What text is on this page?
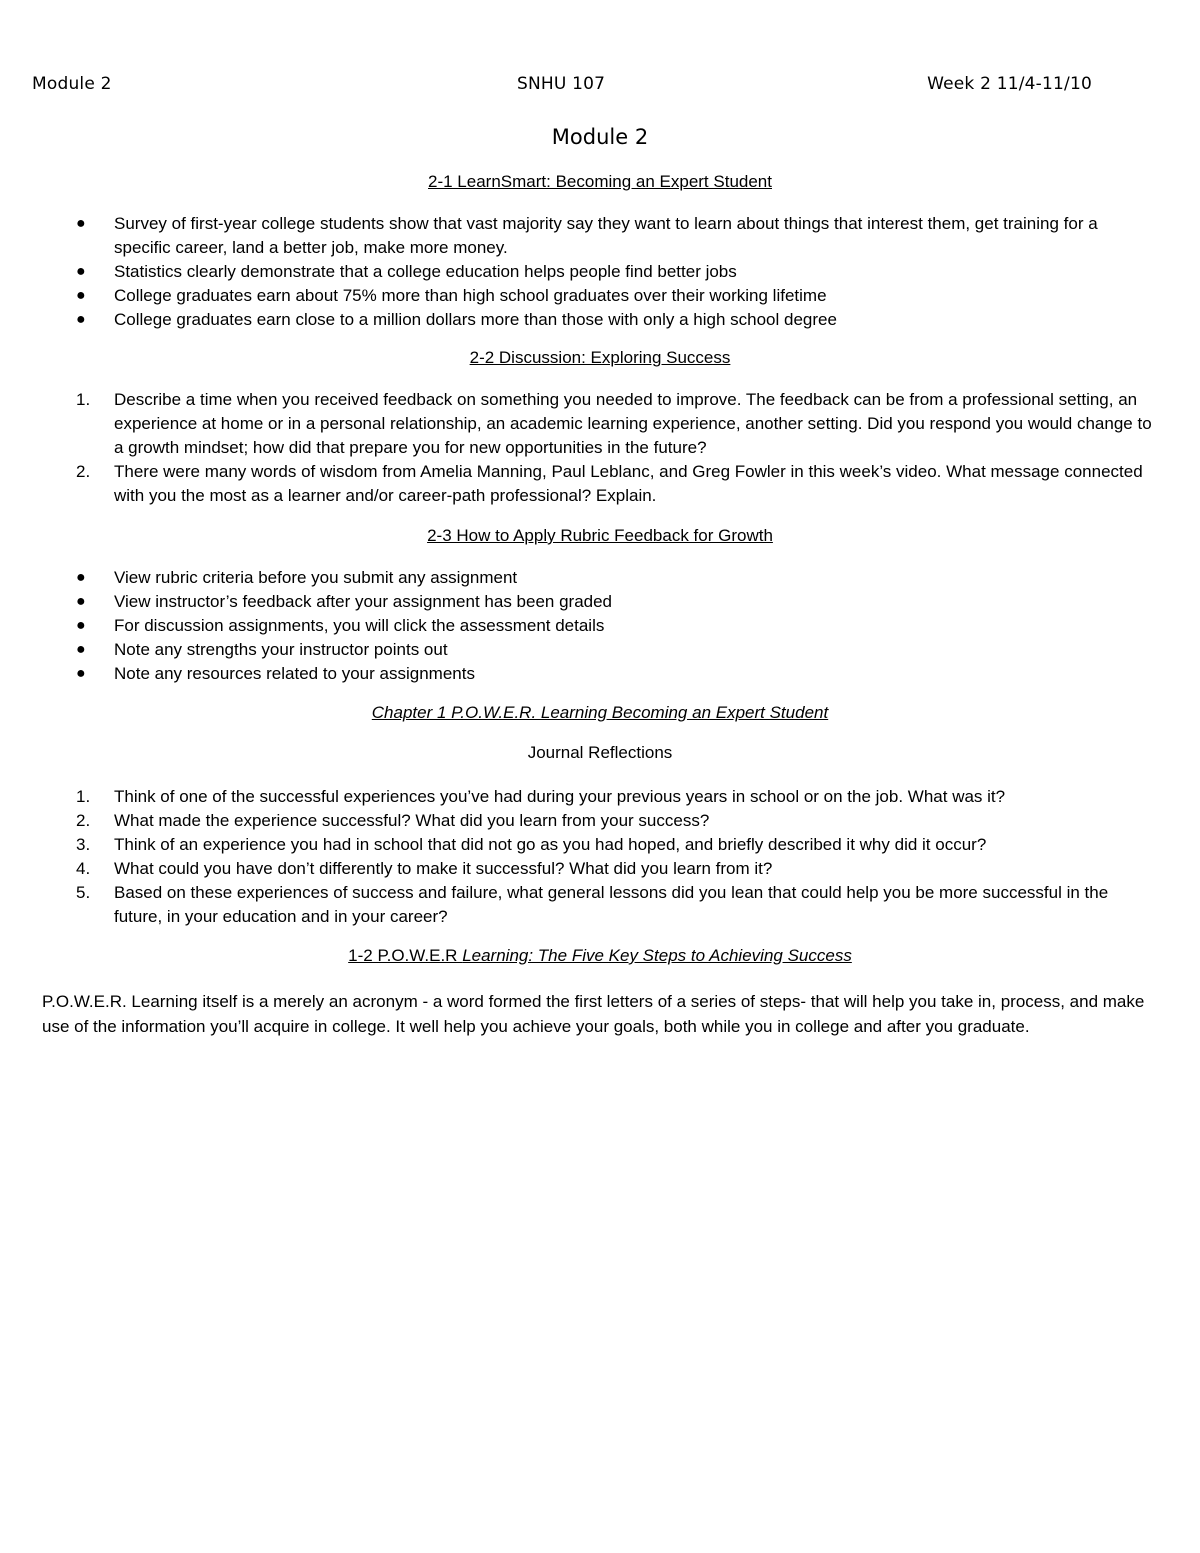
Module 2	SNHU 107	Week 2 11/4-11/10
Module 2
2-1 LearnSmart: Becoming an Expert Student
● Survey of first-year college students show that vast majority say they want to learn about things that interest them, get training for a specific career, land a better job, make more money.
● Statistics clearly demonstrate that a college education helps people find better jobs
● College graduates earn about 75% more than high school graduates over their working lifetime
● College graduates earn close to a million dollars more than those with only a high school degree
2-2 Discussion: Exploring Success
1. Describe a time when you received feedback on something you needed to improve. The feedback can be from a professional setting, an experience at home or in a personal relationship, an academic learning experience, another setting. Did you respond you would change to a growth mindset; how did that prepare you for new opportunities in the future?
2. There were many words of wisdom from Amelia Manning, Paul Leblanc, and Greg Fowler in this week’s video. What message connected with you the most as a learner and/or career-path professional? Explain.
2-3 How to Apply Rubric Feedback for Growth
● View rubric criteria before you submit any assignment
● View instructor’s feedback after your assignment has been graded
● For discussion assignments, you will click the assessment details
● Note any strengths your instructor points out
● Note any resources related to your assignments
Chapter 1 P.O.W.E.R. Learning Becoming an Expert Student
Journal Reflections
1. Think of one of the successful experiences you’ve had during your previous years in school or on the job. What was it?
2. What made the experience successful? What did you learn from your success?
3. Think of an experience you had in school that did not go as you had hoped, and briefly described it why did it occur?
4. What could you have don’t differently to make it successful? What did you learn from it?
5. Based on these experiences of success and failure, what general lessons did you lean that could help you be more successful in the future, in your education and in your career?
1-2 P.O.W.E.R Learning: The Five Key Steps to Achieving Success
P.O.W.E.R. Learning itself is a merely an acronym - a word formed the first letters of a series of steps- that will help you take in, process, and make use of the information you’ll acquire in college. It well help you achieve your goals, both while you in college and after you graduate.
